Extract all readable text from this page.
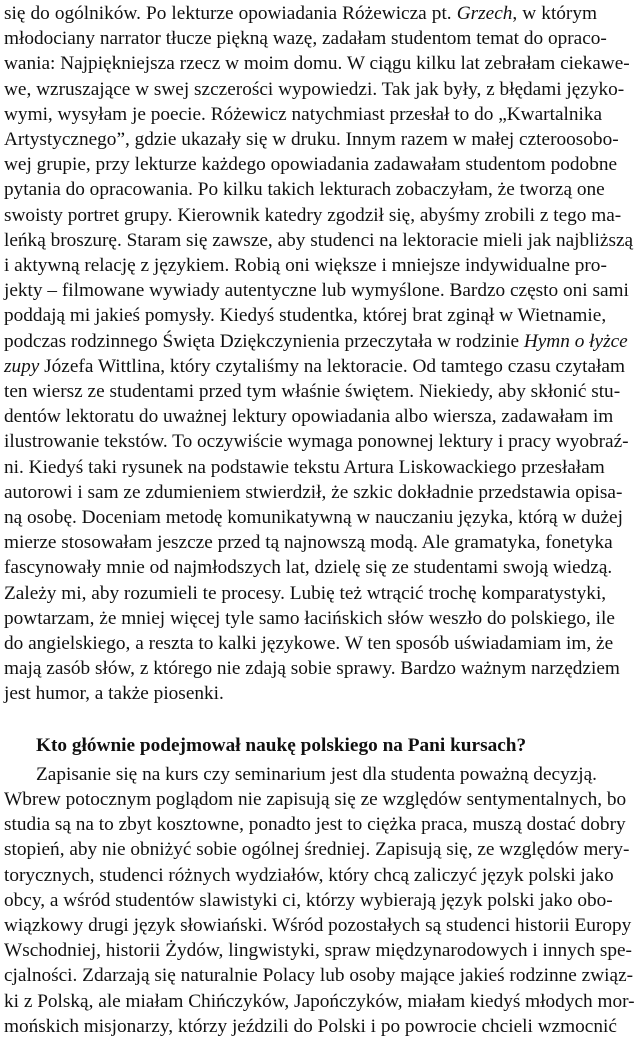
się do ogólników. Po lekturze opowiadania Różewicza pt. Grzech, w którym
młodociany narrator tłucze piękną wazę, zadałam studentom temat do opraco-
wania: Najpiękniejsza rzecz w moim domu. W ciągu kilku lat zebrałam ciekawe-
we, wzruszające w swej szczerości wypowiedzi. Tak jak były, z błędami języko-
wymi, wysyłam je poecie. Różewicz natychmiast przesłał to do „Kwartalnika
Artystycznego”, gdzie ukazały się w druku. Innym razem w małej czteroosobo-
wej grupie, przy lekturze każdego opowiadania zadawałam studentom podobne
pytania do opracowania. Po kilku takich lekturach zobaczyłam, że tworzą one
swoisty portret grupy. Kierownik katedry zgodził się, abyśmy zrobili z tego ma-
leńką broszurę. Staram się zawsze, aby studenci na lektoracie mieli jak najbliższą
i aktywną relację z językiem. Robią oni większe i mniejsze indywidualne pro-
jekty – filmowane wywiady autentyczne lub wymyślone. Bardzo często oni sami
poddają mi jakieś pomysły. Kiedyś studentka, której brat zginął w Wietnamie,
podczas rodzinnego Święta Dziękczynienia przeczytała w rodzinie Hymn o łyżce
zupy Józefa Wittlina, który czytaliśmy na lektoracie. Od tamtego czasu czytałam
ten wiersz ze studentami przed tym właśnie świętem. Niekiedy, aby skłonić stu-
dentów lektoratu do uważnej lektury opowiadania albo wiersza, zadawałam im
ilustrowanie tekstów. To oczywiście wymaga ponownej lektury i pracy wyobraź-
ni. Kiedyś taki rysunek na podstawie tekstu Artura Liskowackiego przesłałam
autorowi i sam ze zdumieniem stwierdził, że szkic dokładnie przedstawia opisa-
ną osobę. Doceniam metodę komunikatywną w nauczaniu języka, którą w dużej
mierze stosowałam jeszcze przed tą najnowszą modą. Ale gramatyka, fonetyka
fascynowały mnie od najmłodszych lat, dzielę się ze studentami swoją wiedzą.
Zależy mi, aby rozumieli te procesy. Lubię też wtrącić trochę komparatystyki,
powtarzam, że mniej więcej tyle samo łacińskich słów weszło do polskiego, ile
do angielskiego, a reszta to kalki językowe. W ten sposób uświadamiam im, że
mają zasób słów, z którego nie zdają sobie sprawy. Bardzo ważnym narzędziem
jest humor, a także piosenki.
Kto głównie podejmował naukę polskiego na Pani kursach?
Zapisanie się na kurs czy seminarium jest dla studenta poważną decyzją.
Wbrew potocznym poglądom nie zapisują się ze względów sentymentalnych, bo
studia są na to zbyt kosztowne, ponadto jest to ciężka praca, muszą dostać dobry
stopień, aby nie obniżyć sobie ogólnej średniej. Zapisują się, ze względów mery-
torycznych, studenci różnych wydziałów, który chcą zaliczyć język polski jako
obcy, a wśród studentów slawistyki ci, którzy wybierają język polski jako obo-
wiązkowy drugi język słowiański. Wśród pozostałych są studenci historii Europy
Wschodniej, historii Żydów, lingwistyki, spraw międzynarodowych i innych spe-
cjalności. Zdarzają się naturalnie Polacy lub osoby mające jakieś rodzinne związ-
ki z Polską, ale miałam Chińczyków, Japończyków, miałam kiedyś młodych mor-
mońskich misjonarzy, którzy jeździli do Polski i po powrocie chcieli wzmocnić
